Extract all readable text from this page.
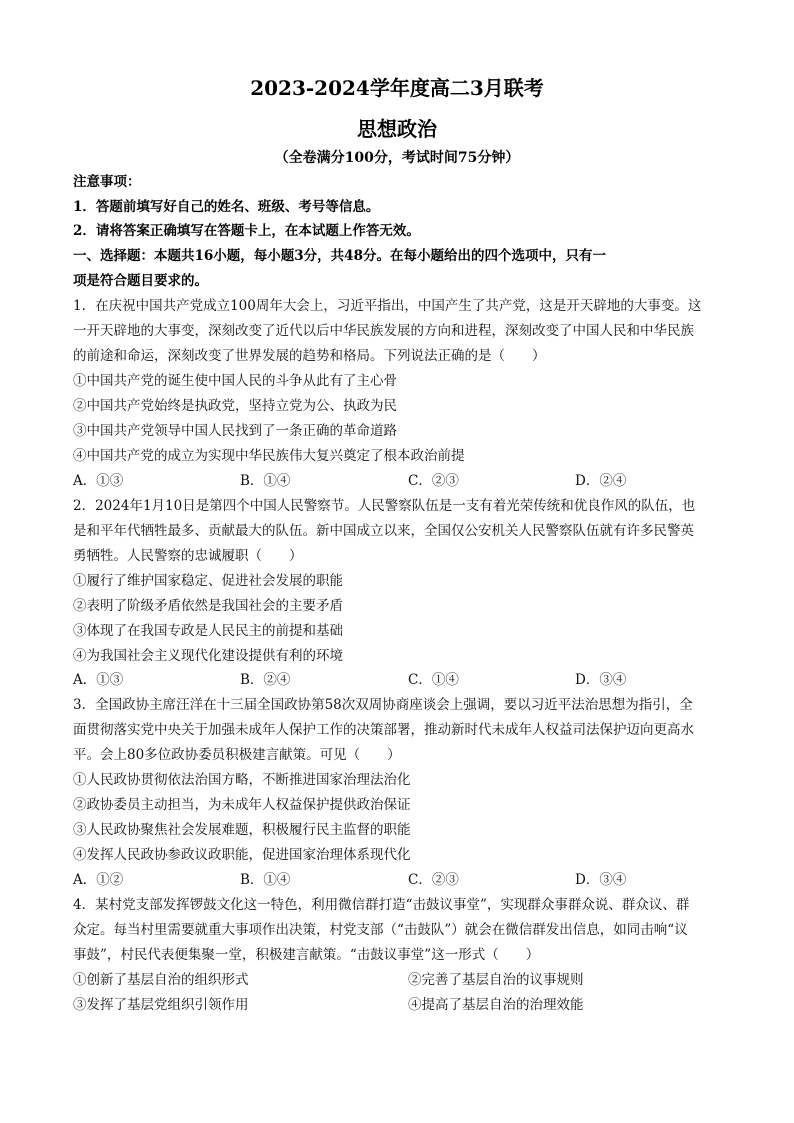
2023-2024学年度高二3月联考
思想政治
（全卷满分100分，考试时间75分钟）
注意事项：
1．答题前填写好自己的姓名、班级、考号等信息。
2．请将答案正确填写在答题卡上，在本试题上作答无效。
一、选择题：本题共16小题，每小题3分，共48分。在每小题给出的四个选项中，只有一
项是符合题目要求的。
1．在庆祝中国共产党成立100周年大会上，习近平指出，中国产生了共产党，这是开天辟地的大事变。这
一开天辟地的大事变，深刻改变了近代以后中华民族发展的方向和进程，深刻改变了中国人民和中华民族
的前途和命运，深刻改变了世界发展的趋势和格局。下列说法正确的是（　　）
①中国共产党的诞生使中国人民的斗争从此有了主心骨
②中国共产党始终是执政党，坚持立党为公、执政为民
③中国共产党领导中国人民找到了一条正确的革命道路
④中国共产党的成立为实现中华民族伟大复兴奠定了根本政治前提
A．①③	B．①④	C．②③	D．②④
2．2024年1月10日是第四个中国人民警察节。人民警察队伍是一支有着光荣传统和优良作风的队伍，也
是和平年代牺牲最多、贡献最大的队伍。新中国成立以来，全国仅公安机关人民警察队伍就有许多民警英
勇牺牲。人民警察的忠诚履职（　　）
①履行了维护国家稳定、促进社会发展的职能
②表明了阶级矛盾依然是我国社会的主要矛盾
③体现了在我国专政是人民民主的前提和基础
④为我国社会主义现代化建设提供有利的环境
A．①③	B．②④	C．①④	D．③④
3．全国政协主席汪洋在十三届全国政协第58次双周协商座谈会上强调，要以习近平法治思想为指引，全
面贯彻落实党中央关于加强未成年人保护工作的决策部署，推动新时代未成年人权益司法保护迈向更高水
平。会上80多位政协委员积极建言献策。可见（　　）
①人民政协贯彻依法治国方略，不断推进国家治理法治化
②政协委员主动担当，为未成年人权益保护提供政治保证
③人民政协聚焦社会发展难题，积极履行民主监督的职能
④发挥人民政协参政议政职能，促进国家治理体系现代化
A．①②	B．①④	C．②③	D．③④
4．某村党支部发挥锣鼓文化这一特色，利用微信群打造“击鼓议事堂”，实现群众事群众说、群众议、群
众定。每当村里需要就重大事项作出决策，村党支部（“击鼓队”）就会在微信群发出信息，如同击响“议
事鼓”，村民代表便集聚一堂，积极建言献策。“击鼓议事堂”这一形式（　　）
①创新了基层自治的组织形式	②完善了基层自治的议事规则
③发挥了基层党组织引领作用	④提高了基层自治的治理效能
